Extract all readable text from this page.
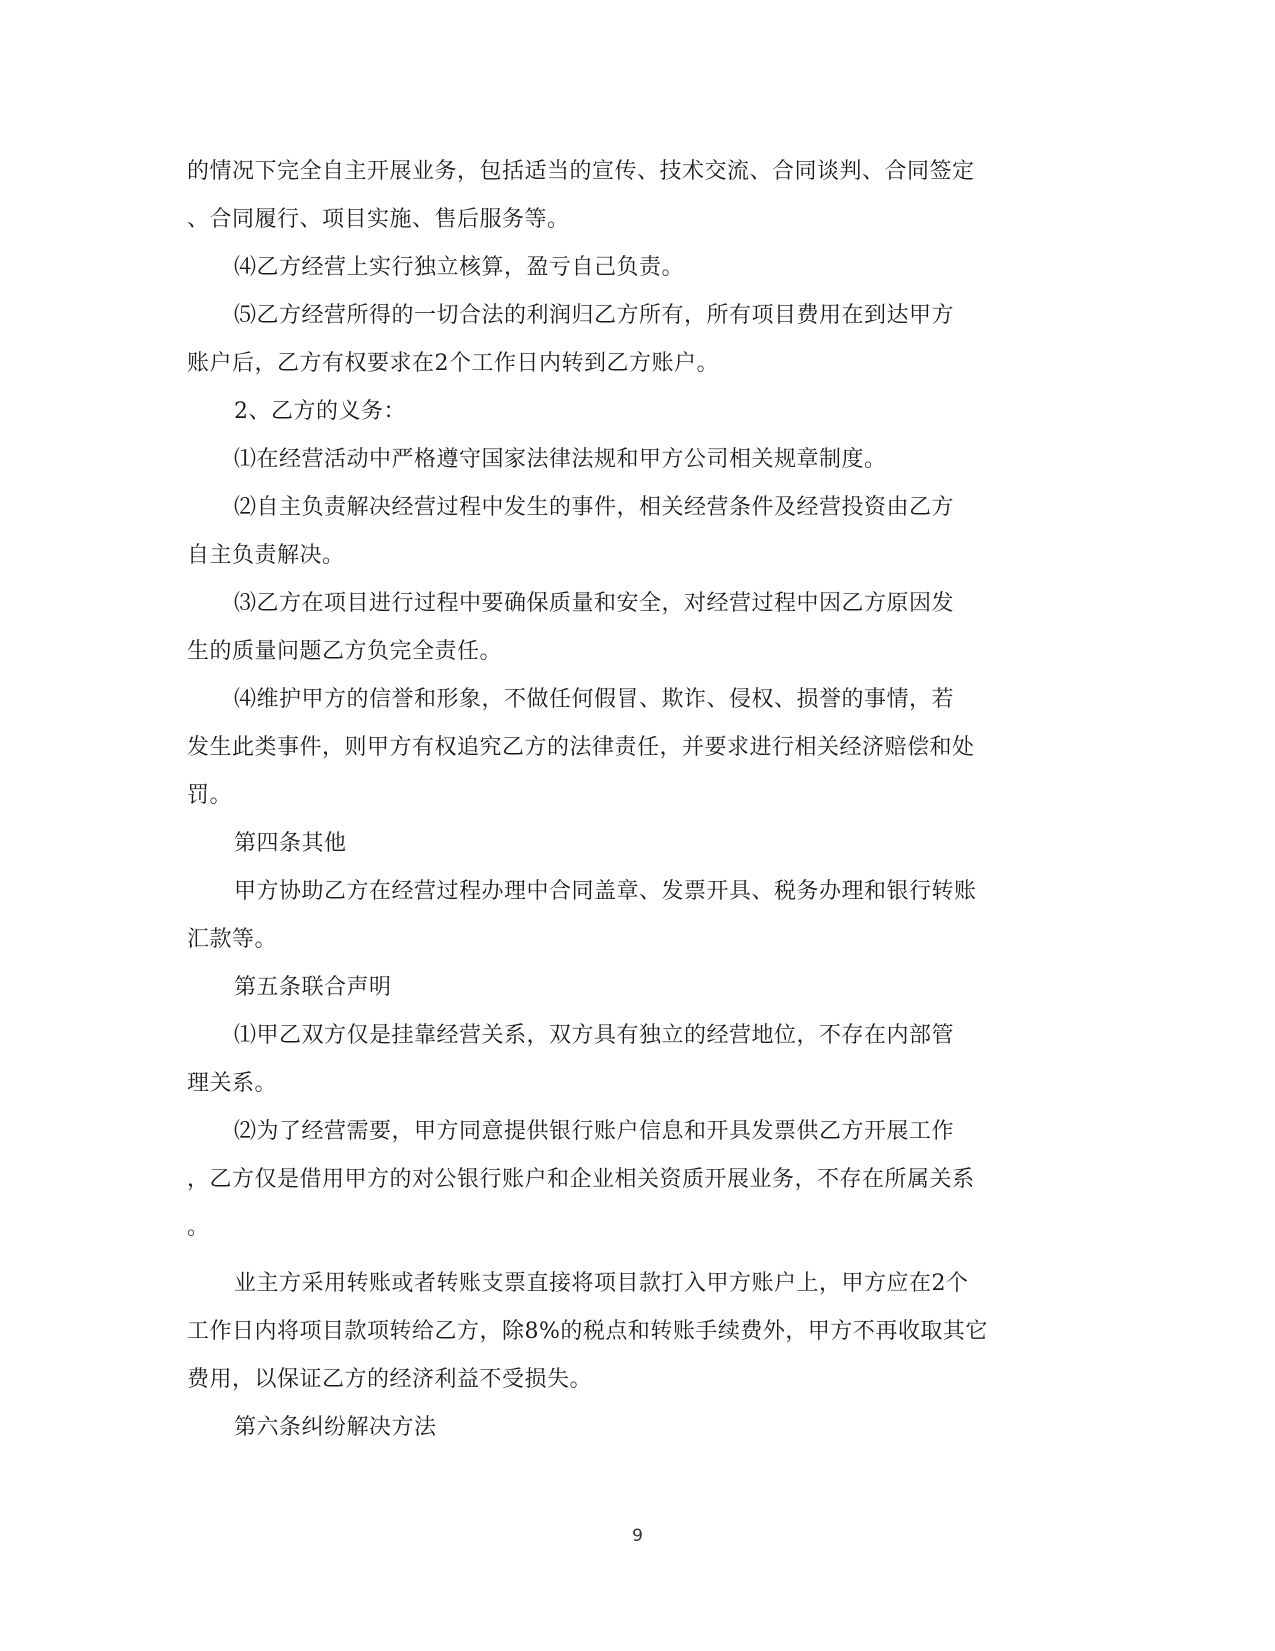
的情况下完全自主开展业务，包括适当的宣传、技术交流、合同谈判、合同签定
、合同履行、项目实施、售后服务等。
⑷乙方经营上实行独立核算，盈亏自己负责。
⑸乙方经营所得的一切合法的利润归乙方所有，所有项目费用在到达甲方
账户后，乙方有权要求在2个工作日内转到乙方账户。
2、乙方的义务：
⑴在经营活动中严格遵守国家法律法规和甲方公司相关规章制度。
⑵自主负责解决经营过程中发生的事件，相关经营条件及经营投资由乙方
自主负责解决。
⑶乙方在项目进行过程中要确保质量和安全，对经营过程中因乙方原因发
生的质量问题乙方负完全责任。
⑷维护甲方的信誉和形象，不做任何假冒、欺诈、侵权、损誉的事情，若
发生此类事件，则甲方有权追究乙方的法律责任，并要求进行相关经济赔偿和处
罚。
第四条其他
甲方协助乙方在经营过程办理中合同盖章、发票开具、税务办理和银行转账
汇款等。
第五条联合声明
⑴甲乙双方仅是挂靠经营关系，双方具有独立的经营地位，不存在内部管
理关系。
⑵为了经营需要，甲方同意提供银行账户信息和开具发票供乙方开展工作
，乙方仅是借用甲方的对公银行账户和企业相关资质开展业务，不存在所属关系
。
业主方采用转账或者转账支票直接将项目款打入甲方账户上，甲方应在2个
工作日内将项目款项转给乙方，除8%的税点和转账手续费外，甲方不再收取其它
费用，以保证乙方的经济利益不受损失。
第六条纠纷解决方法
9
